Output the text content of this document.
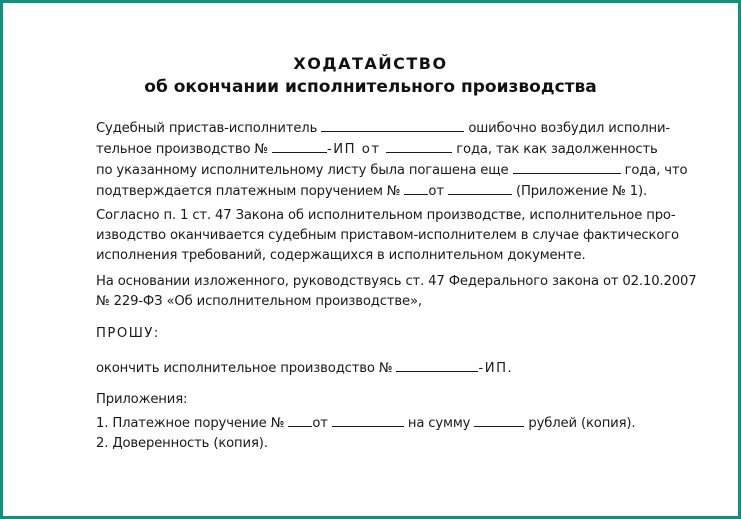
ХОДАТАЙСТВО
об окончании исполнительного производства
Судебный пристав-исполнитель	ошибочно возбудил исполни-
тельное производство №	-ИП от	года, так как задолженность
по указанному исполнительному листу была погашена еще	года, что
подтверждается платежным поручением № от	(Приложение № 1).
Согласно п. 1 ст. 47 Закона об исполнительном производстве, исполнительное про-
изводство оканчивается судебным приставом-исполнителем в случае фактического
исполнения требований, содержащихся в исполнительном документе.
На основании изложенного, руководствуясь ст. 47 Федерального закона от 02.10.2007
№ 229-ФЗ «Об исполнительном производстве»,
ПРОШУ:
окончить исполнительное производство №	-ИП.
Приложения:
1. Платежное поручение № от	на сумму	рублей (копия).
2. Доверенность (копия).
